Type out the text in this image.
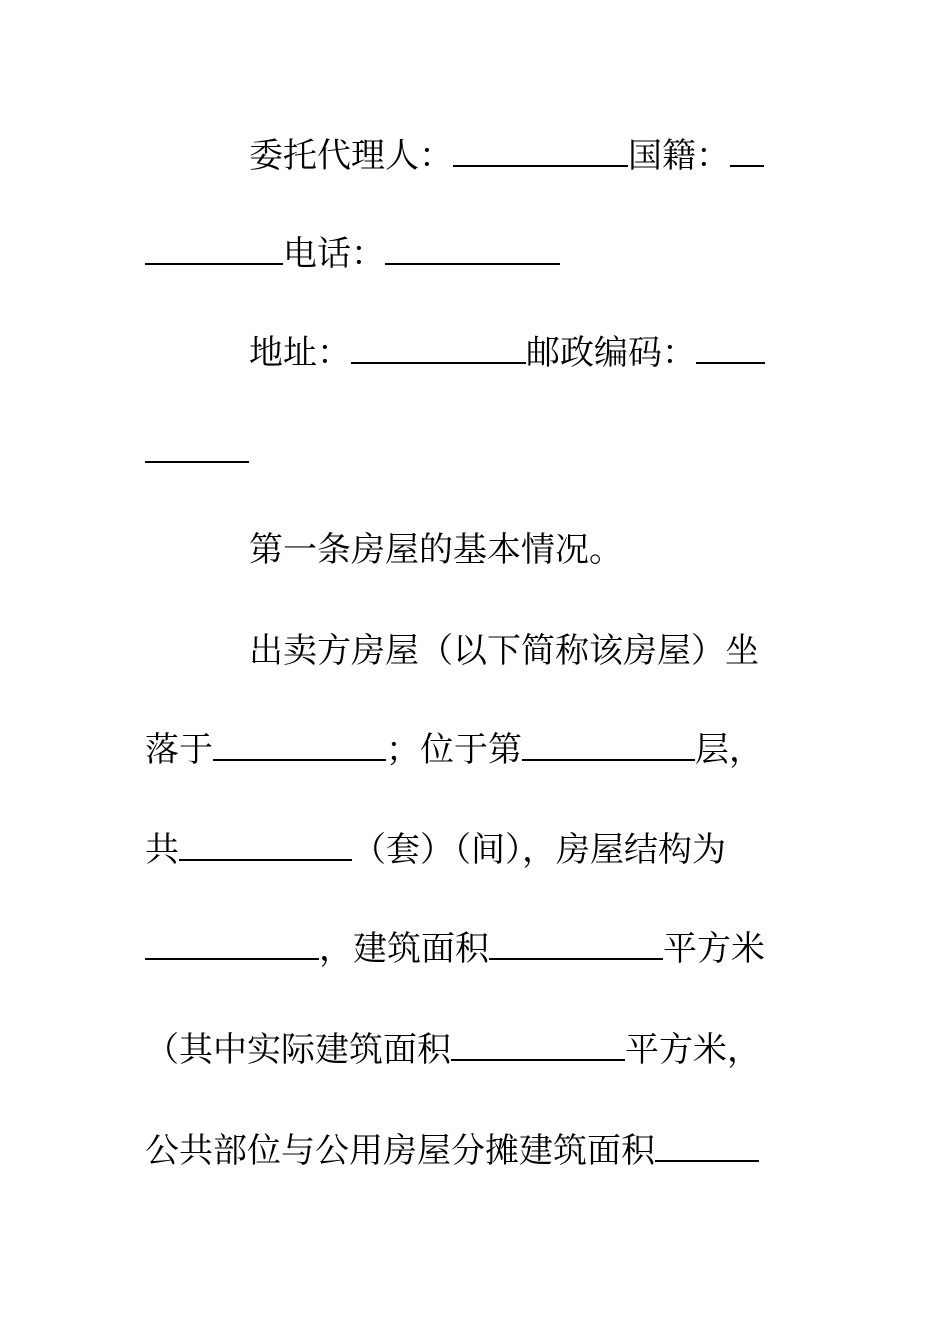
委托代理人：	国籍：
电话：
地址：	邮政编码：
第一条房屋的基本情况。
出卖方房屋（以下简称该房屋）坐
落于	；位于第	层，
共	（套）（间），房屋结构为
，建筑面积	平方米
（其中实际建筑面积	平方米，
公共部位与公用房屋分摊建筑面积
